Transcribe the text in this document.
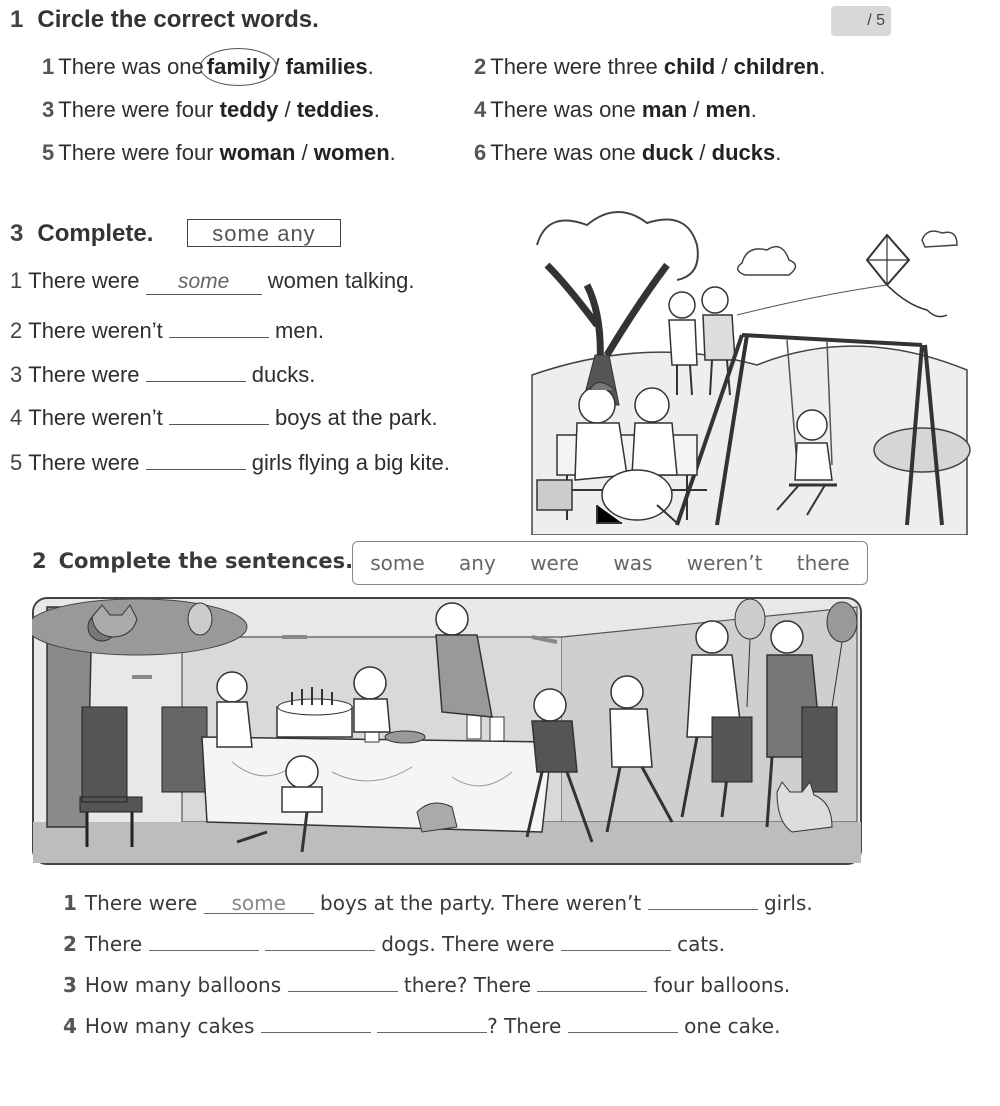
1 Circle the correct words.	/ 5
1 There was one family / families.	2 There were three child / children.
3 There were four teddy / teddies.	4 There was one man / men.
5 There were four woman / women.	6 There was one duck / ducks.
3 Complete.	some any
1 There were some women talking.
2 There weren’t	men.
3 There were	ducks.
4 There weren’t	boys at the park.
5 There were	girls flying a big kite.
2 Complete the sentences. some any were was weren’t there
1 There were some boys at the party. There weren’t	girls.
2 There	dogs. There were	cats.
3 How many balloons	there? There	four balloons.
4 How many cakes	? There	one cake.
